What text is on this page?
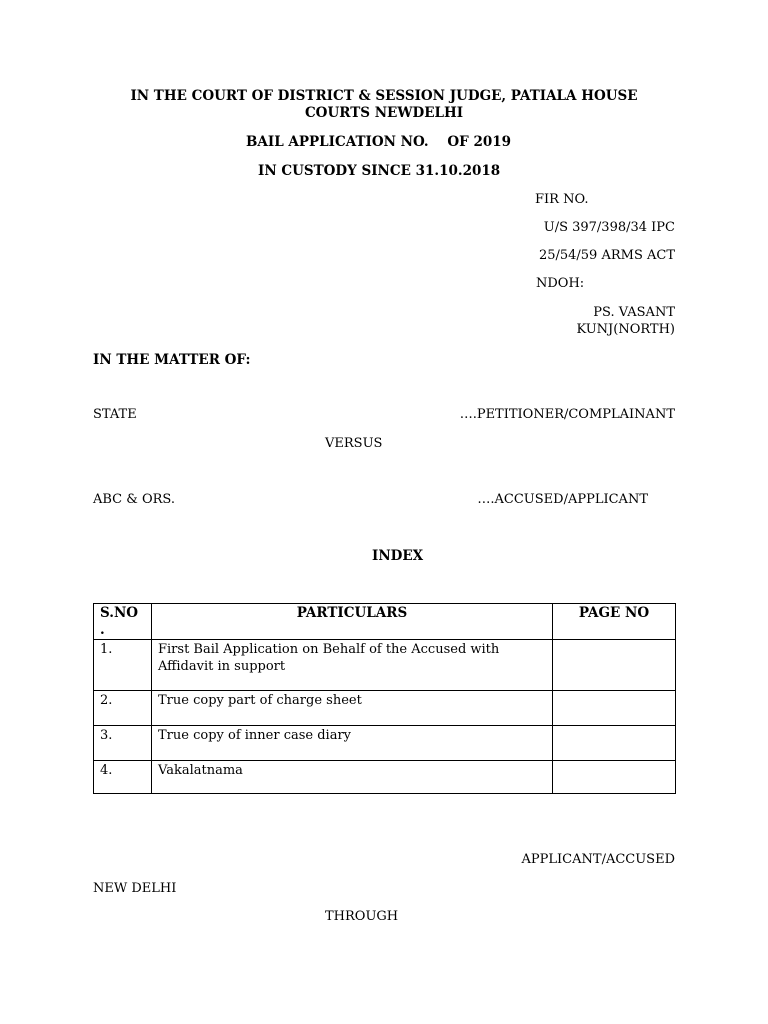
IN THE COURT OF DISTRICT & SESSION JUDGE, PATIALA HOUSE
COURTS NEWDELHI
BAIL APPLICATION NO.    OF 2019
IN CUSTODY SINCE 31.10.2018
FIR NO.
U/S 397/398/34 IPC
25/54/59 ARMS ACT
NDOH:
PS. VASANT
KUNJ(NORTH)
IN THE MATTER OF:
STATE	….PETITIONER/COMPLAINANT
VERSUS
ABC & ORS.	….ACCUSED/APPLICANT
INDEX
S.NO .	PARTICULARS	PAGE NO
1.	First Bail Application on Behalf of the Accused with Affidavit in support	
2.	True copy part of charge sheet	
3.	True copy of inner case diary	
4.	Vakalatnama	
APPLICANT/ACCUSED
NEW DELHI
THROUGH
